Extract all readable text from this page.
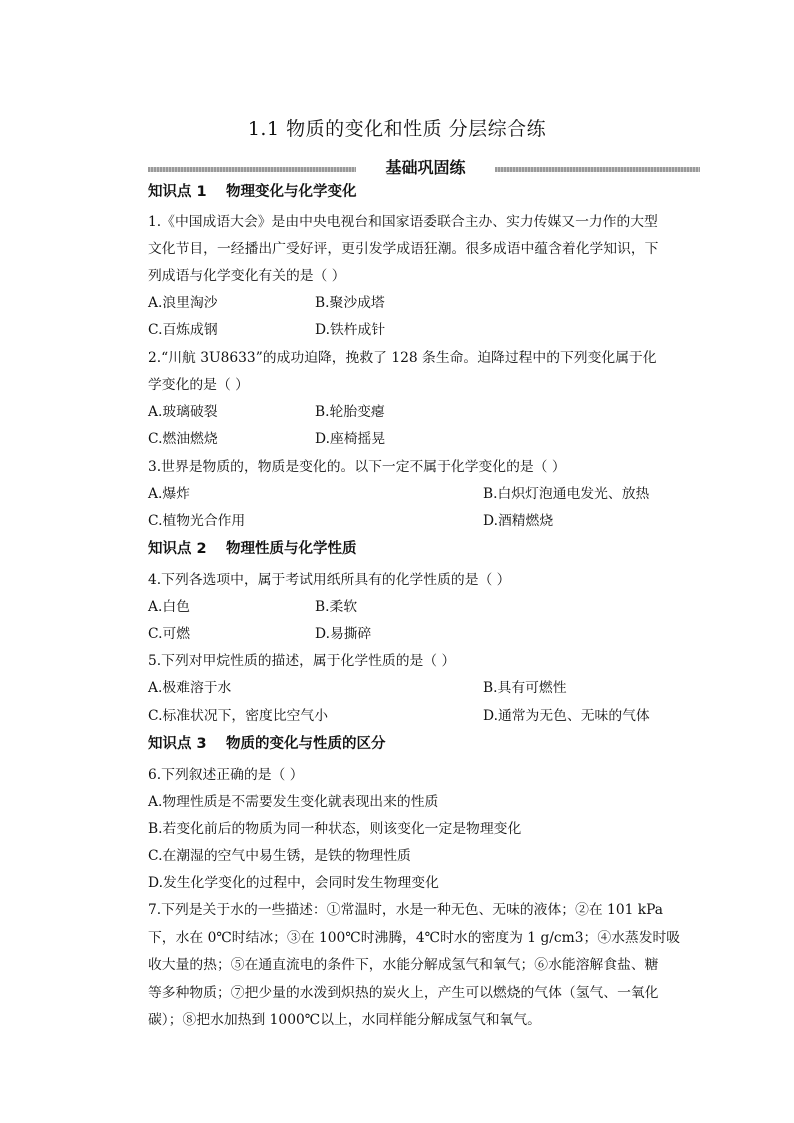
1.1 物质的变化和性质 分层综合练
基础巩固练
知识点 1 物理变化与化学变化
1.《中国成语大会》是由中央电视台和国家语委联合主办、实力传媒又一力作的大型
文化节目，一经播出广受好评，更引发学成语狂潮。很多成语中蕴含着化学知识，下
列成语与化学变化有关的是（ ）
A.浪里淘沙	B.聚沙成塔
C.百炼成钢	D.铁杵成针
2.“川航 3U8633”的成功迫降，挽救了 128 条生命。迫降过程中的下列变化属于化
学变化的是（ ）
A.玻璃破裂	B.轮胎变瘪
C.燃油燃烧	D.座椅摇晃
3.世界是物质的，物质是变化的。以下一定不属于化学变化的是（ ）
A.爆炸	B.白炽灯泡通电发光、放热
C.植物光合作用	D.酒精燃烧
知识点 2 物理性质与化学性质
4.下列各选项中，属于考试用纸所具有的化学性质的是（ ）
A.白色	B.柔软
C.可燃	D.易撕碎
5.下列对甲烷性质的描述，属于化学性质的是（ ）
A.极难溶于水	B.具有可燃性
C.标准状况下，密度比空气小	D.通常为无色、无味的气体
知识点 3 物质的变化与性质的区分
6.下列叙述正确的是（ ）
A.物理性质是不需要发生变化就表现出来的性质
B.若变化前后的物质为同一种状态，则该变化一定是物理变化
C.在潮湿的空气中易生锈，是铁的物理性质
D.发生化学变化的过程中，会同时发生物理变化
7.下列是关于水的一些描述：①常温时，水是一种无色、无味的液体；②在 101 kPa
下，水在 0℃时结冰；③在 100℃时沸腾，4℃时水的密度为 1 g/cm3；④水蒸发时吸
收大量的热；⑤在通直流电的条件下，水能分解成氢气和氧气；⑥水能溶解食盐、糖
等多种物质；⑦把少量的水泼到炽热的炭火上，产生可以燃烧的气体（氢气、一氧化
碳）；⑧把水加热到 1000℃以上，水同样能分解成氢气和氧气。
